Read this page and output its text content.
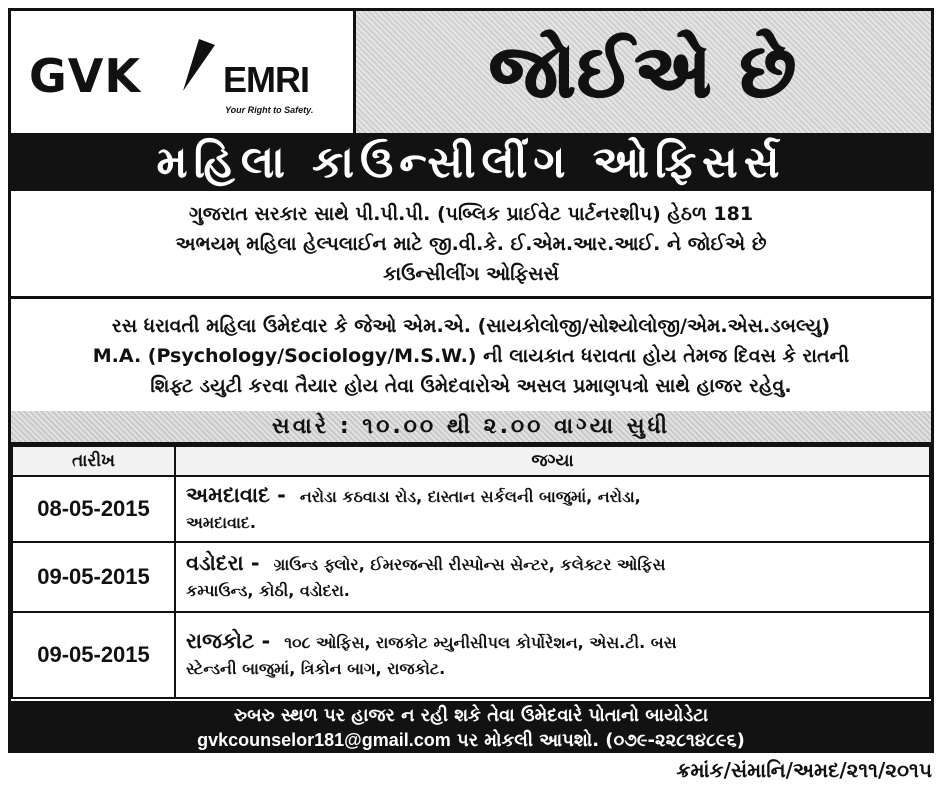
GVK EMRI
Your Right to Safety. જોઈએ છે
મહિલા કાઉન્સીલીંગ ઓફિસર્સ
ગુજરાત સરકાર સાથે પી.પી.પી. (પબ્લિક પ્રાઈવેટ પાર્ટનરશીપ) હેઠળ 181
અભયમ્ મહિલા હેલ્પલાઈન માટે જી.વી.કે. ઈ.એમ.આર.આઈ. ને જોઈએ છે
કાઉન્સીલીંગ ઓફિસર્સ
રસ ધરાવતી મહિલા ઉમેદવાર કે જેઓ એમ.એ. (સાયકોલોજી/સોશ્યોલોજી/એમ.એસ.ડબલ્યુ)
M.A. (Psychology/Sociology/M.S.W.) ની લાયકાત ધરાવતા હોય તેમજ દિવસ કે રાતની
શિફ્ટ ડયુટી કરવા તૈયાર હોય તેવા ઉમેદવારોએ અસલ પ્રમાણપત્રો સાથે હાજર રહેવુ.
સવારે : ૧૦.૦૦ થી ૨.૦૦ વાગ્યા સુધી
તારીખ	જગ્યા
08-05-2015	અમદાવાદ - નરોડા કઠવાડા રોડ, દાસ્તાન સર્કલની બાજુમાં, નરોડા,
અમદાવાદ.
09-05-2015	વડોદરા - ગ્રાઉન્ડ ફ્લોર, ઈમરજન્સી રીસ્પોન્સ સેન્ટર, કલેક્ટર ઓફિસ
કમ્પાઉન્ડ, કોઠી, વડોદરા.
09-05-2015	રાજકોટ - ૧૦૮ ઓફિસ, રાજકોટ મ્યુનીસીપલ કોર્પોરેશન, એસ.ટી. બસ
સ્ટેન્ડની બાજુમાં, ત્રિકોન બાગ, રાજકોટ.
રુબરુ સ્થળ પર હાજર ન રહી શકે તેવા ઉમેદવારે પોતાનો બાયોડેટા
gvkcounselor181@gmail.com પર મોકલી આપશો. (૦૭૯-૨૨૮૧૪૮૯૬)
ક્રમાંક/સંમાનિ/અમદ/૨૧૧/૨૦૧૫
